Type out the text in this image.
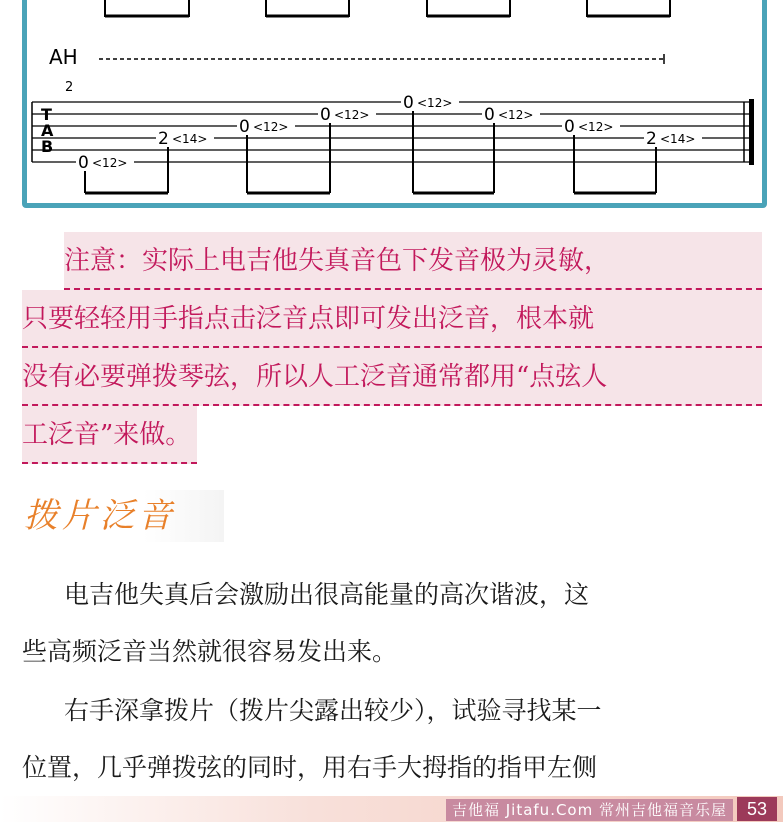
AH
2
T
A
B
0 <12>
2 <14>
0 <12>
0 <12>
0 <12>
0 <12>
0 <12>
2 <14>
注意：实际上电吉他失真音色下发音极为灵敏，
只要轻轻用手指点击泛音点即可发出泛音，根本就
没有必要弹拨琴弦，所以人工泛音通常都用“点弦人
工泛音”来做。
拨片泛音
电吉他失真后会激励出很高能量的高次谐波，这
些高频泛音当然就很容易发出来。
右手深拿拨片（拨片尖露出较少），试验寻找某一
位置，几乎弹拨弦的同时，用右手大拇指的指甲左侧
吉他福 Jitafu.Com 常州吉他福音乐屋	53
